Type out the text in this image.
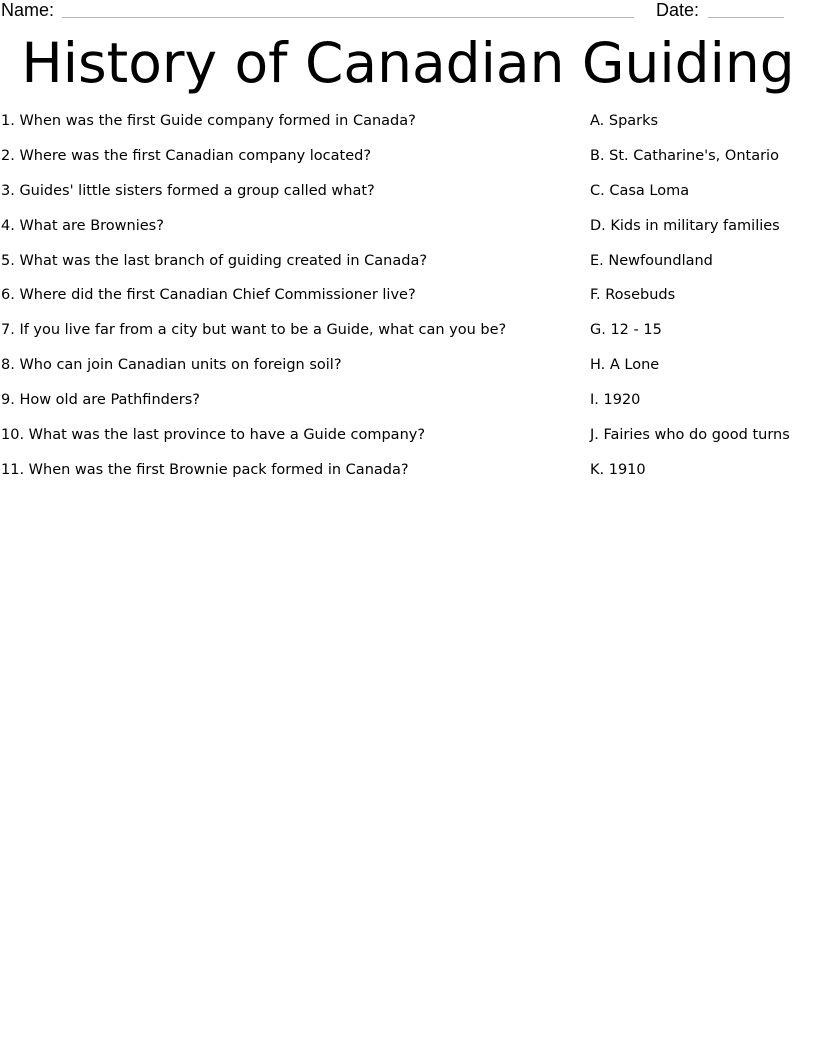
Name:	Date:
History of Canadian Guiding
1. When was the first Guide company formed in Canada?
2. Where was the first Canadian company located?
3. Guides' little sisters formed a group called what?
4. What are Brownies?
5. What was the last branch of guiding created in Canada?
6. Where did the first Canadian Chief Commissioner live?
7. If you live far from a city but want to be a Guide, what can you be?
8. Who can join Canadian units on foreign soil?
9. How old are Pathfinders?
10. What was the last province to have a Guide company?
11. When was the first Brownie pack formed in Canada?
A. Sparks
B. St. Catharine's, Ontario
C. Casa Loma
D. Kids in military families
E. Newfoundland
F. Rosebuds
G. 12 - 15
H. A Lone
I. 1920
J. Fairies who do good turns
K. 1910
